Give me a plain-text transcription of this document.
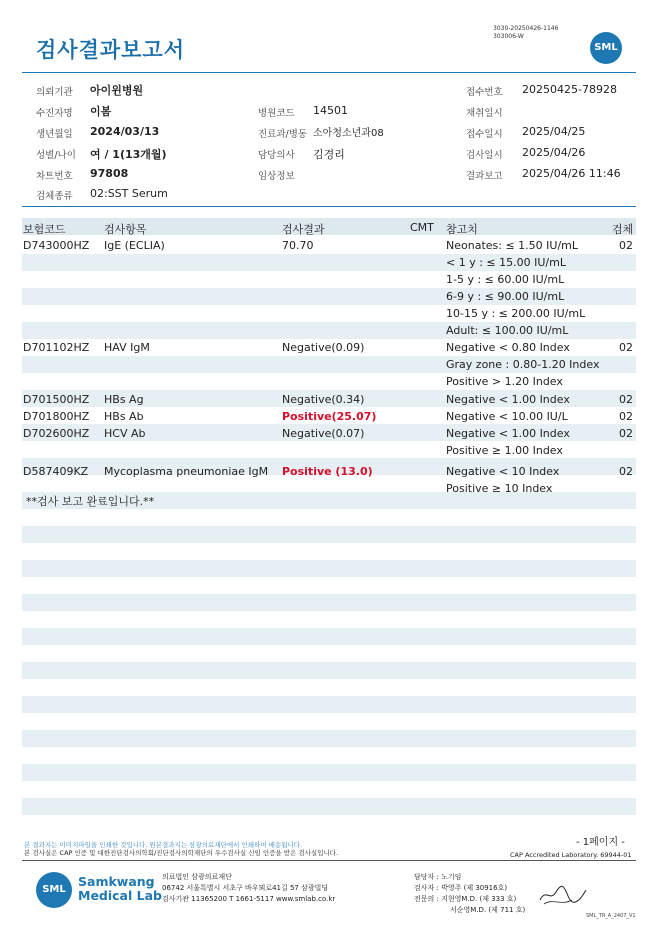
검사결과보고서
3030-20250426-1146
303006-W
SML
의뢰기관 아이윈병원	접수번호 20250425-78928
수진자명 이봄	병원코드 14501	채취일시
생년월일 2024/03/13	진료과/병동 소아청소년과08	접수일시 2025/04/25
성별/나이 여 / 1(13개월)	담당의사 김경리	검사일시 2025/04/26
차트번호 97808	임상정보	결과보고 2025/04/26 11:46
검체종류 02:SST Serum
보험코드	검사항목	검사결과	CMT 참고치	검체
D743000HZ IgE (ECLIA)	70.70	Neonates: ≤ 1.50 IU/mL	02
< 1 y : ≤ 15.00 IU/mL
1-5 y : ≤ 60.00 IU/mL
6-9 y : ≤ 90.00 IU/mL
10-15 y : ≤ 200.00 IU/mL
Adult: ≤ 100.00 IU/mL
D701102HZ HAV IgM	Negative(0.09)	Negative < 0.80 Index	02
Gray zone : 0.80-1.20 Index
Positive > 1.20 Index
D701500HZ HBs Ag	Negative(0.34)	Negative < 1.00 Index	02
D701800HZ HBs Ab	Positive(25.07)	Negative < 10.00 IU/L	02
D702600HZ HCV Ab	Negative(0.07)	Negative < 1.00 Index	02
Positive ≥ 1.00 Index
D587409KZ Mycoplasma pneumoniae IgM Positive (13.0)	Negative < 10 Index	02
Positive ≥ 10 Index
**검사 보고 완료입니다.**
- 1페이지 -
본 결과지는 이미지파일을 인쇄한 것입니다. 원본결과지는 삼광의료재단에서 인쇄하여 배송됩니다.
본 검사실은 CAP 인증 및 대한진단검사의학회/진단검사의학재단의 우수검사실 신임 인증을 받은 검사실입니다.	CAP Accredited Laboratory. 69944-01
SML
Samkwang
Medical Lab
의료법인 삼광의료재단
06742 서울특별시 서초구 바우뫼로41길 57 삼광빌딩
검사기관 11365200 T 1661-5117 www.smlab.co.kr
담당자 : 노기임
검사자 : 박영주 (제 30916호)
전문의 : 지현영M.D. (제 333 호)
서순영M.D. (제 711 호)
SML_TR_A_2407_V1
